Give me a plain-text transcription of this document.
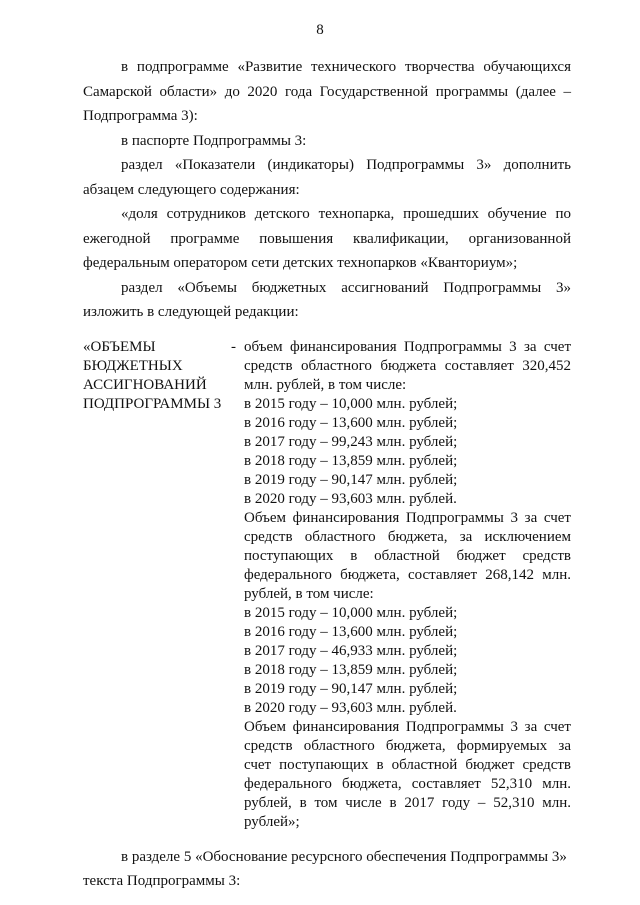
8

в подпрограмме «Развитие технического творчества обучающихся Самарской области» до 2020 года Государственной программы (далее – Подпрограмма 3):

в паспорте Подпрограммы 3:

раздел «Показатели (индикаторы) Подпрограммы 3» дополнить абзацем следующего содержания:

«доля сотрудников детского технопарка, прошедших обучение по ежегодной программе повышения квалификации, организованной федеральным оператором сети детских технопарков «Кванториум»;

раздел «Объемы бюджетных ассигнований Подпрограммы 3» изложить в следующей редакции:

«ОБЪЕМЫ
БЮДЖЕТНЫХ
АССИГНОВАНИЙ
ПОДПРОГРАММЫ 3
- объем финансирования Подпрограммы 3 за счет средств областного бюджета составляет 320,452 млн. рублей, в том числе:

в 2015 году – 10,000 млн. рублей;
в 2016 году – 13,600 млн. рублей;
в 2017 году – 99,243 млн. рублей;
в 2018 году – 13,859 млн. рублей;
в 2019 году – 90,147 млн. рублей;
в 2020 году – 93,603 млн. рублей.

Объем финансирования Подпрограммы 3 за счет средств областного бюджета, за исключением поступающих в областной бюджет средств федерального бюджета, составляет 268,142 млн. рублей, в том числе:

в 2015 году – 10,000 млн. рублей;
в 2016 году – 13,600 млн. рублей;
в 2017 году – 46,933 млн. рублей;
в 2018 году – 13,859 млн. рублей;
в 2019 году – 90,147 млн. рублей;
в 2020 году – 93,603 млн. рублей.

Объем финансирования Подпрограммы 3 за счет средств областного бюджета, формируемых за счет поступающих в областной бюджет средств федерального бюджета, составляет 52,310 млн. рублей, в том числе в 2017 году – 52,310 млн. рублей»;

в разделе 5 «Обоснование ресурсного обеспечения Подпрограммы 3»

текста Подпрограммы 3:
